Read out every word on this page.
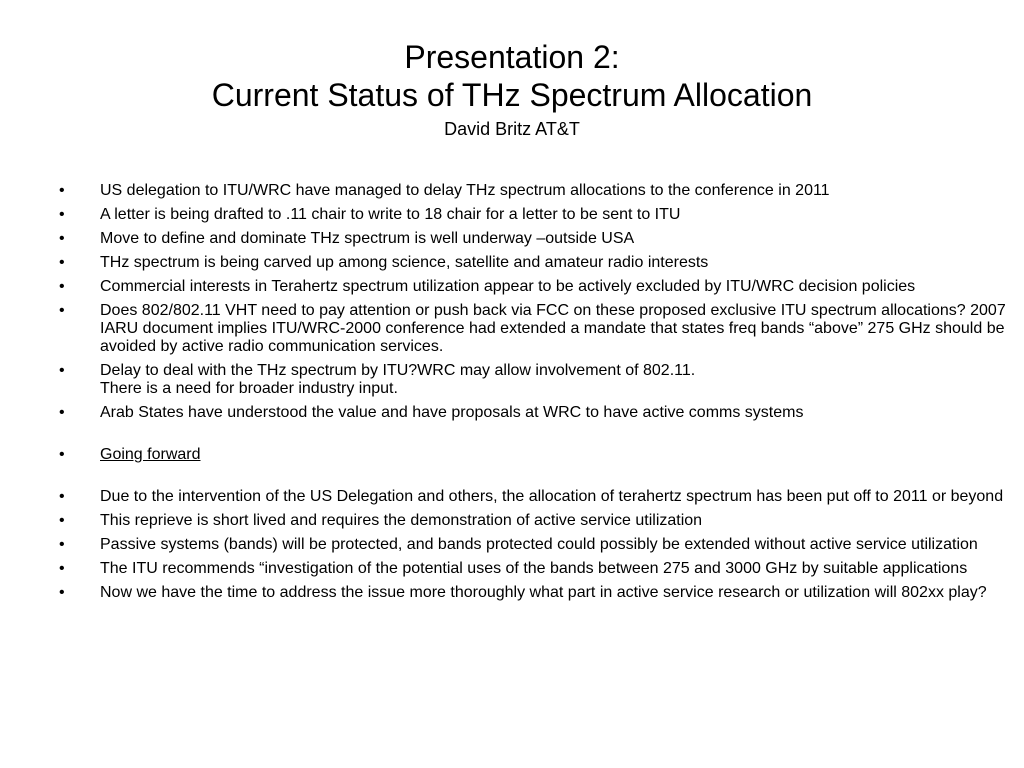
Presentation 2:
Current Status of THz Spectrum Allocation
David Britz AT&T
•	US delegation to ITU/WRC have managed to delay THz spectrum allocations to the conference in 2011
•	A letter is being drafted to .11 chair to write to 18 chair for a letter to be sent to ITU
•	Move to define and dominate THz spectrum is well underway –outside USA
•	THz spectrum is being carved up among science, satellite and amateur radio interests
•	Commercial interests in Terahertz spectrum utilization appear to be actively excluded by ITU/WRC decision policies
•	Does 802/802.11 VHT need to pay attention or push back via FCC on these proposed exclusive ITU spectrum allocations? 2007 IARU document implies ITU/WRC-2000 conference had extended a mandate that states freq bands “above” 275 GHz should be avoided by active radio communication services.
•	Delay to deal with the THz spectrum by ITU?WRC may allow involvement of 802.11.
There is a need for broader industry input.
•	Arab States have understood the value and have proposals at WRC to have active comms systems
•	Going forward
•	Due to the intervention of the US Delegation and others, the allocation of terahertz spectrum has been put off to 2011 or beyond
•	This reprieve is short lived and requires the demonstration of active service utilization
•	Passive systems (bands) will be protected, and bands protected could possibly be extended without active service utilization
•	The ITU recommends “investigation of the potential uses of the bands between 275 and 3000 GHz by suitable applications
•	Now we have the time to address the issue more thoroughly what part in active service research or utilization will 802xx play?
